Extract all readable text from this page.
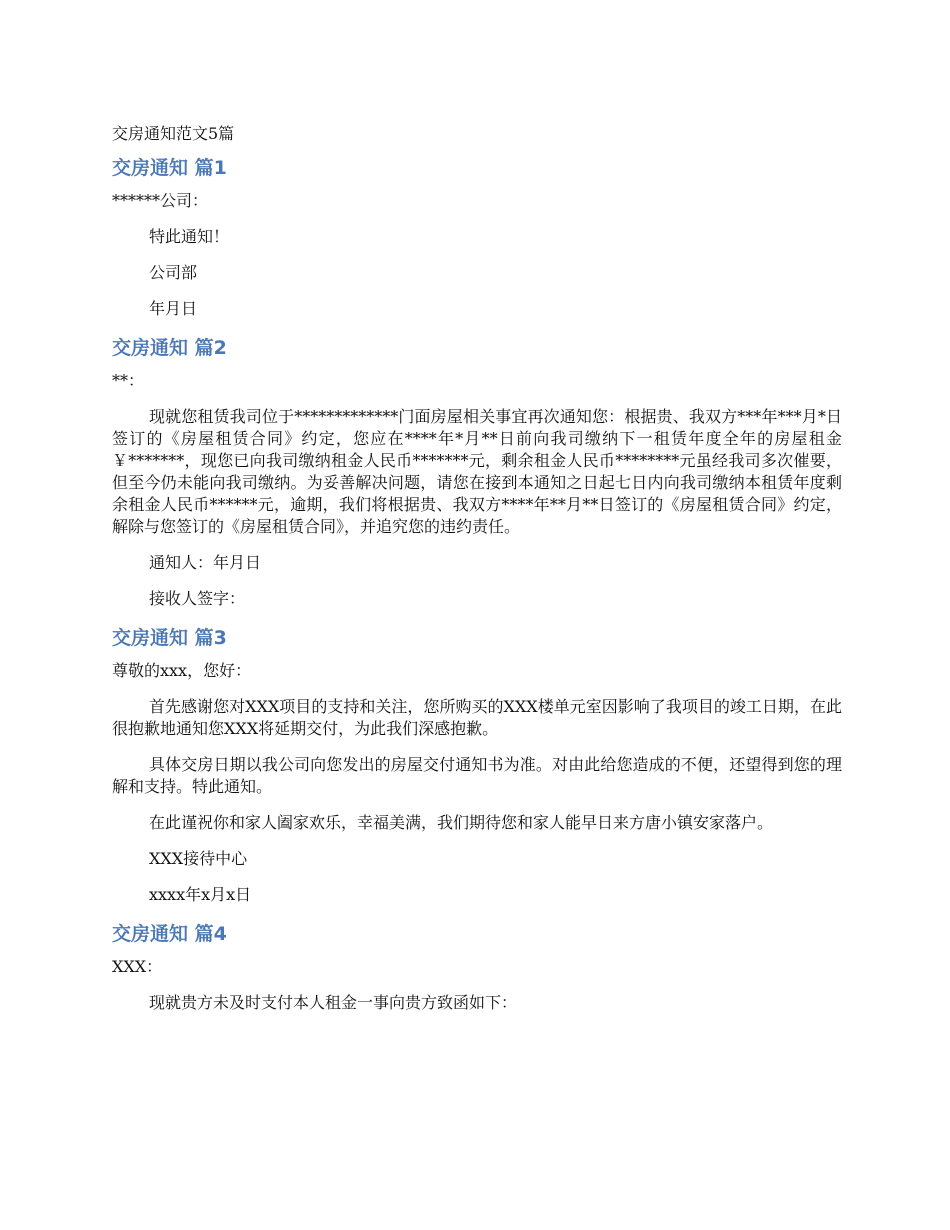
交房通知范文5篇
交房通知 篇1

******公司：

特此通知！

公司部

年月日

交房通知 篇2

**：

现就您租赁我司位于*************门面房屋相关事宜再次通知您：根据贵、我双方***年***月*日签订的《房屋租赁合同》约定，您应在****年*月**日前向我司缴纳下一租赁年度全年的房屋租金￥*******，现您已向我司缴纳租金人民币*******元，剩余租金人民币********元虽经我司多次催要，但至今仍未能向我司缴纳。为妥善解决问题，请您在接到本通知之日起七日内向我司缴纳本租赁年度剩余租金人民币******元，逾期，我们将根据贵、我双方****年**月**日签订的《房屋租赁合同》约定，解除与您签订的《房屋租赁合同》，并追究您的违约责任。

通知人：年月日

接收人签字：

交房通知 篇3

尊敬的xxx，您好：

首先感谢您对XXX项目的支持和关注，您所购买的XXX楼单元室因影响了我项目的竣工日期，在此很抱歉地通知您XXX将延期交付，为此我们深感抱歉。

具体交房日期以我公司向您发出的房屋交付通知书为准。对由此给您造成的不便，还望得到您的理解和支持。特此通知。

在此谨祝你和家人阖家欢乐，幸福美满，我们期待您和家人能早日来方唐小镇安家落户。

XXX接待中心

xxxx年x月x日

交房通知 篇4

XXX：

现就贵方未及时支付本人租金一事向贵方致函如下：
